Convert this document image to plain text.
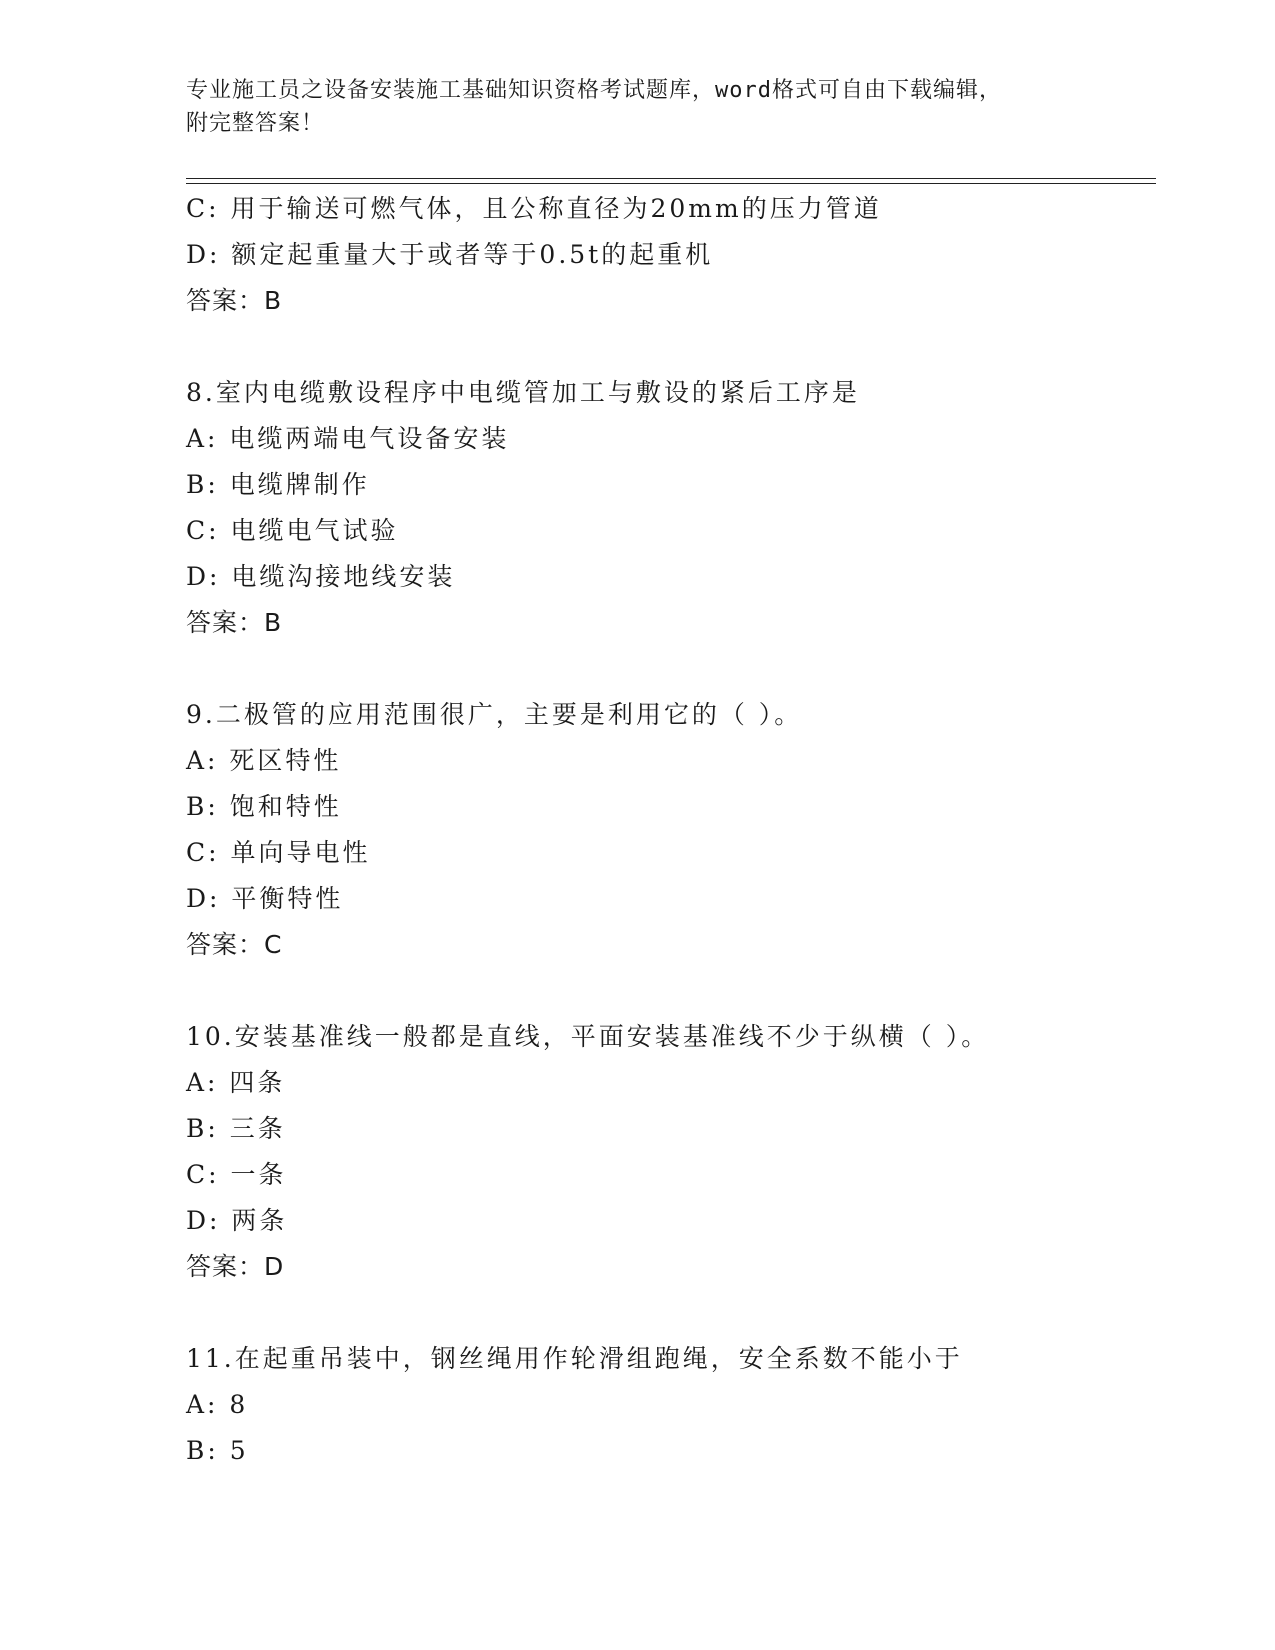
专业施工员之设备安装施工基础知识资格考试题库，word格式可自由下载编辑，
附完整答案！
C: 用于输送可燃气体，且公称直径为20mm的压力管道
D: 额定起重量大于或者等于0.5t的起重机
答案：B
8.室内电缆敷设程序中电缆管加工与敷设的紧后工序是
A: 电缆两端电气设备安装
B: 电缆牌制作
C: 电缆电气试验
D: 电缆沟接地线安装
答案：B
9.二极管的应用范围很广，主要是利用它的（ ）。
A: 死区特性
B: 饱和特性
C: 单向导电性
D: 平衡特性
答案：C
10.安装基准线一般都是直线，平面安装基准线不少于纵横（ ）。
A: 四条
B: 三条
C: 一条
D: 两条
答案：D
11.在起重吊装中，钢丝绳用作轮滑组跑绳，安全系数不能小于
A: 8
B: 5
